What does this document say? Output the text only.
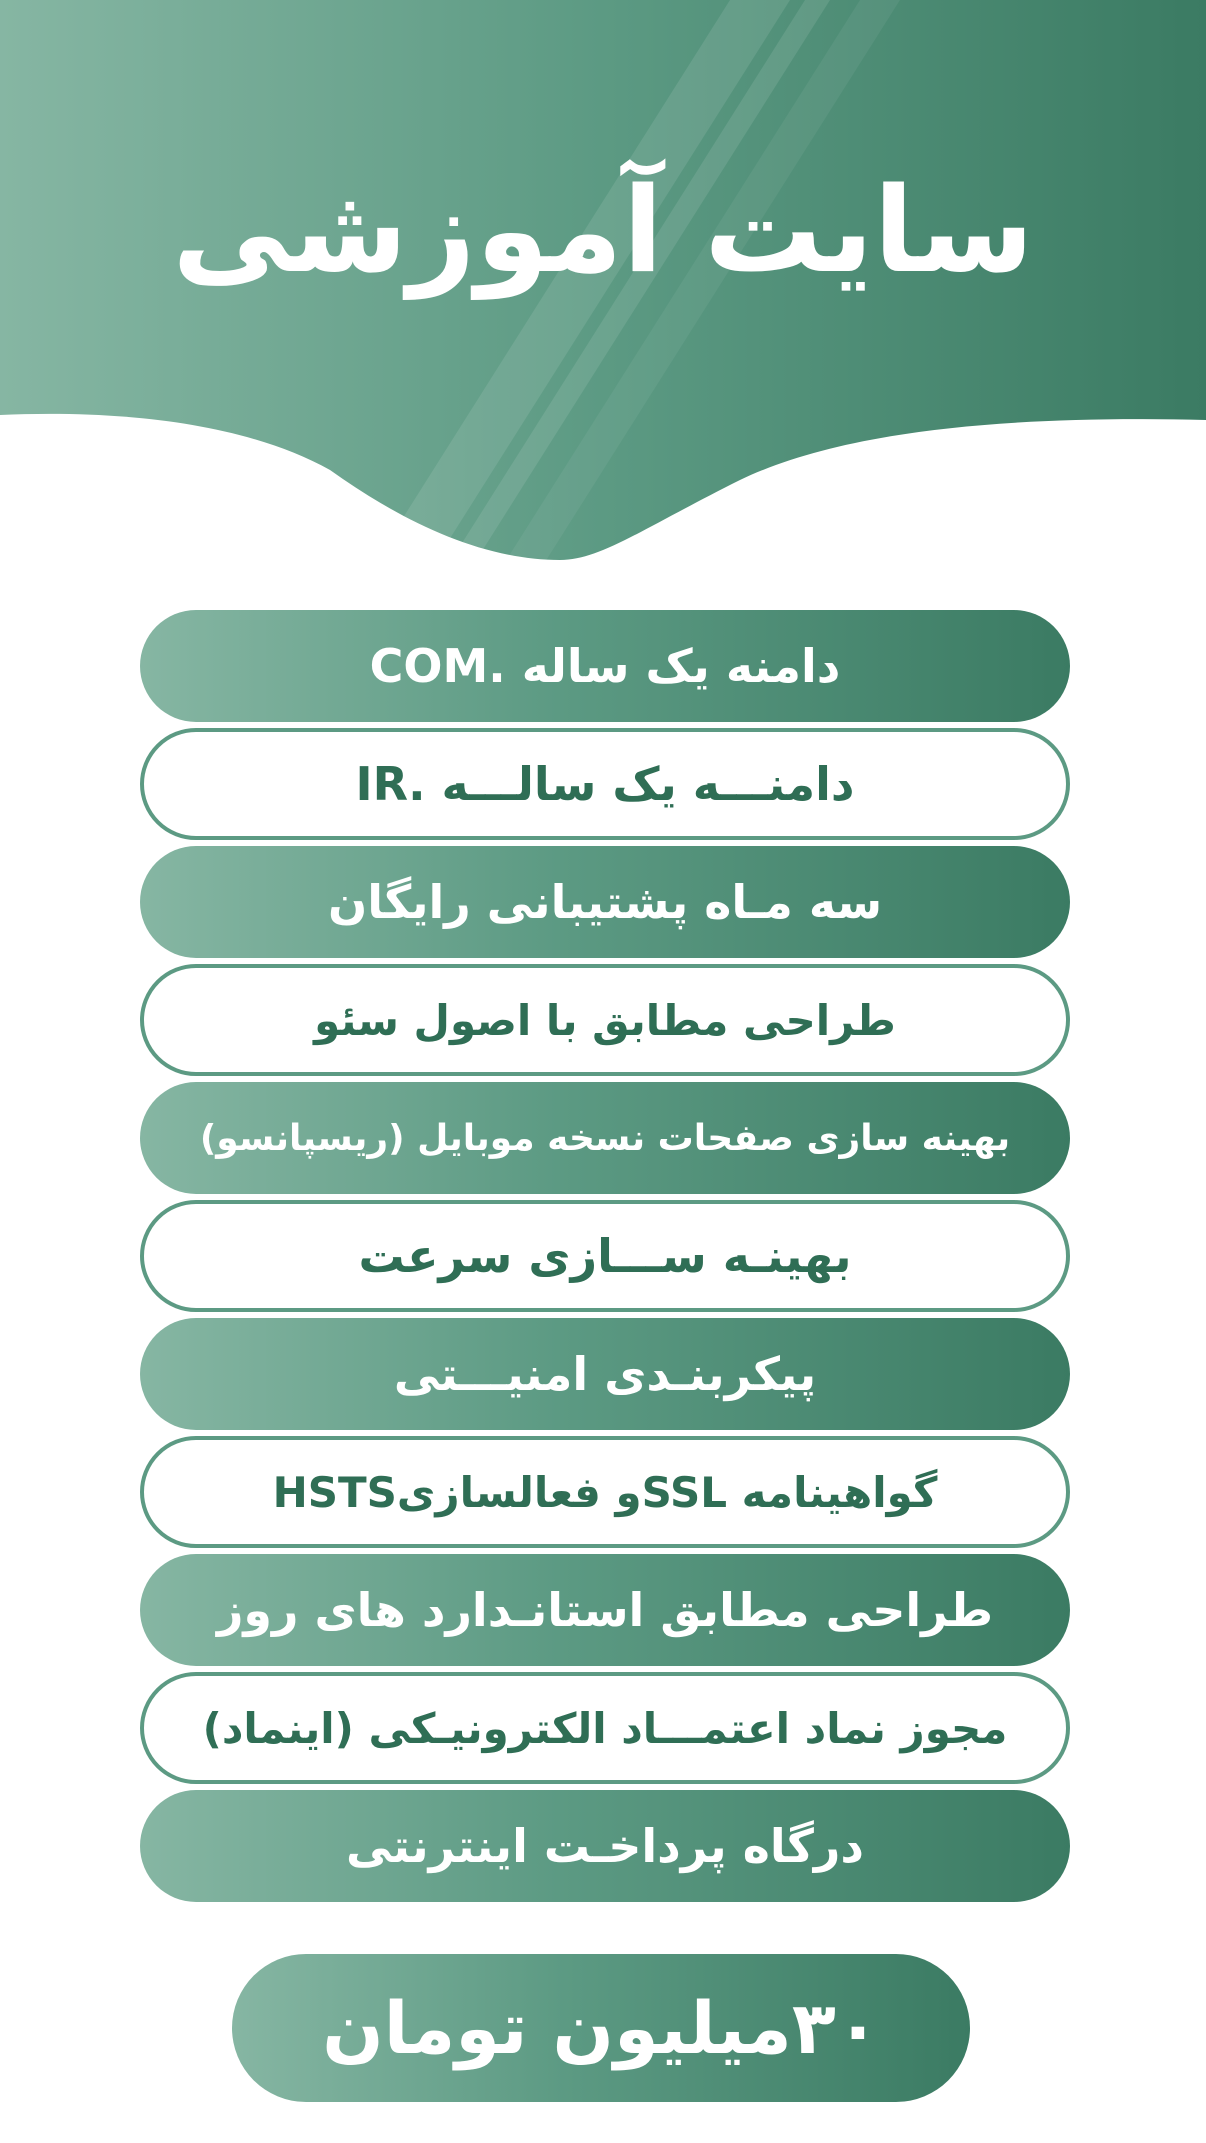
سایت آموزشی
دامنه یک ساله .COM
دامنـــه یک سالـــه .IR
سه مـاه پشتیبانی رایگان
طراحی مطابق با اصول سئو
بهینه سازی صفحات نسخه موبایل (ریسپانسو)
بهینـه ســـازی سرعت
پیکربنـدی امنیـــتی
گواهینامه SSLو فعالسازیHSTS
طراحی مطابق استانـدارد های روز
مجوز نماد اعتمـــاد الکترونیـکی (اینماد)
درگاه پرداخـت اینترنتی
۳۰میلیون تومان
